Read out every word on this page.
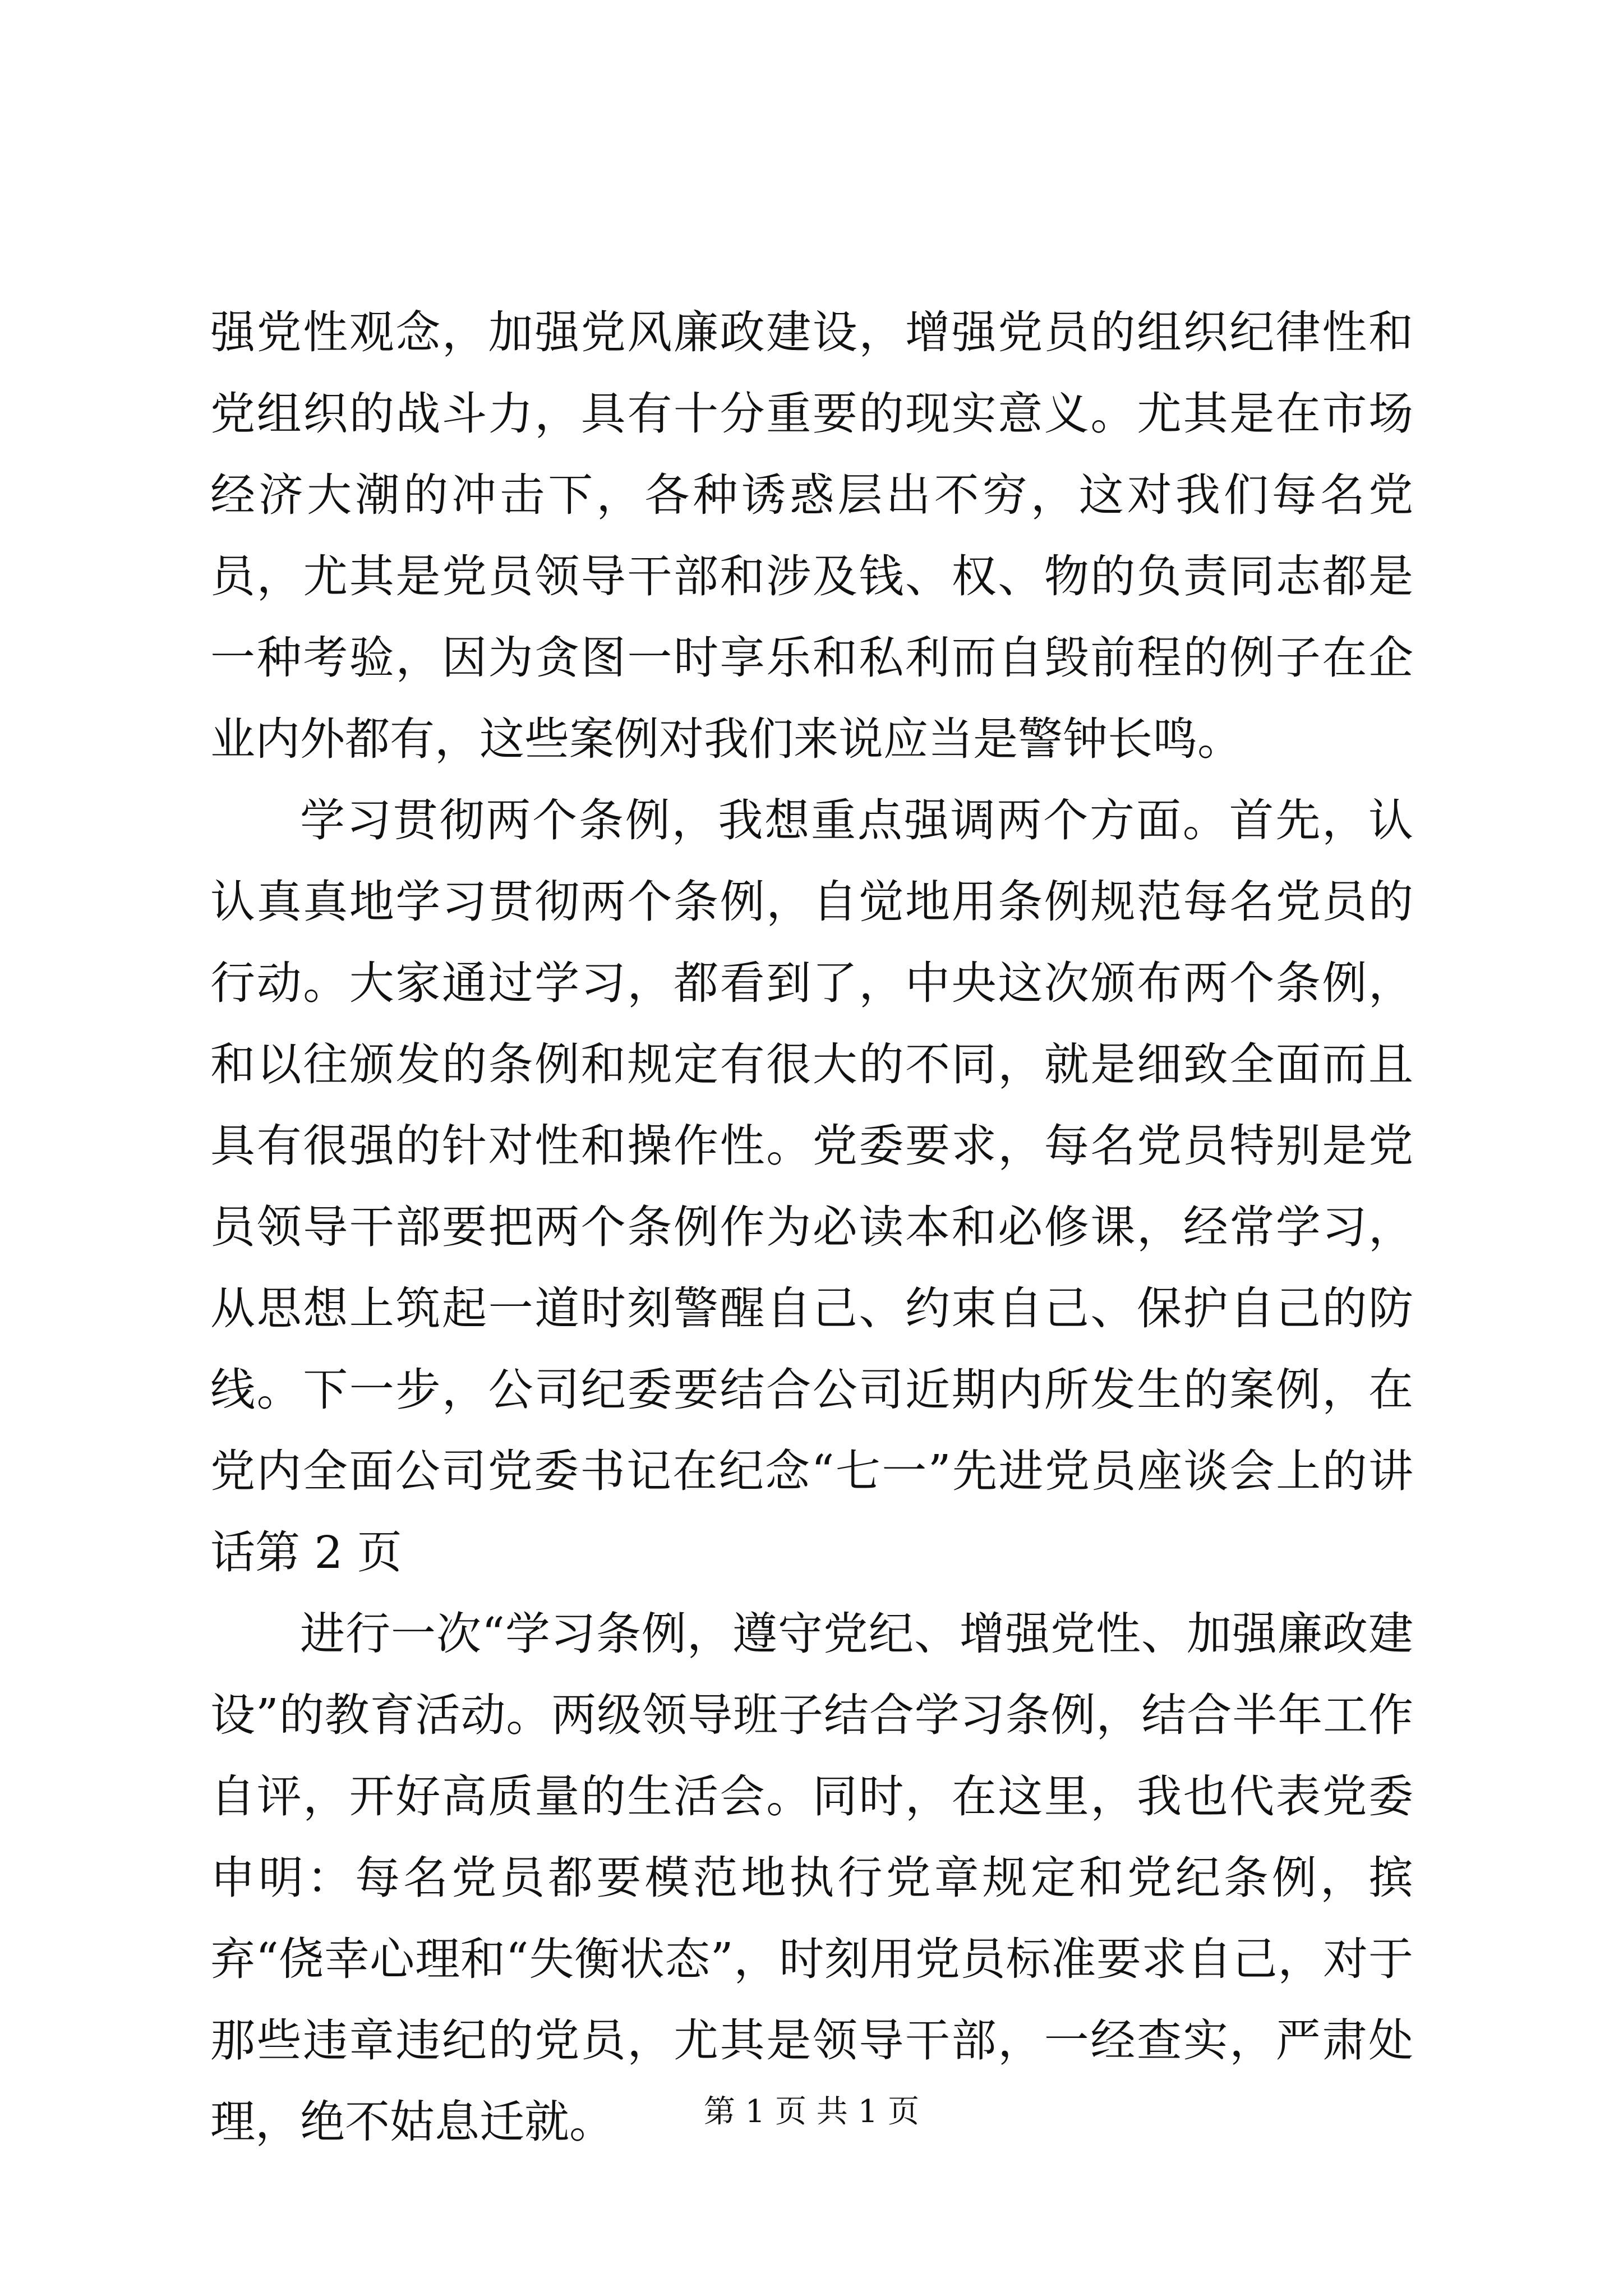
强党性观念，加强党风廉政建设，增强党员的组织纪律性和党组织的战斗力，具有十分重要的现实意义。尤其是在市场经济大潮的冲击下，各种诱惑层出不穷，这对我们每名党员，尤其是党员领导干部和涉及钱、权、物的负责同志都是一种考验，因为贪图一时享乐和私利而自毁前程的例子在企业内外都有，这些案例对我们来说应当是警钟长鸣。

学习贯彻两个条例，我想重点强调两个方面。首先，认认真真地学习贯彻两个条例，自觉地用条例规范每名党员的行动。大家通过学习，都看到了，中央这次颁布两个条例，和以往颁发的条例和规定有很大的不同，就是细致全面而且具有很强的针对性和操作性。党委要求，每名党员特别是党员领导干部要把两个条例作为必读本和必修课，经常学习，从思想上筑起一道时刻警醒自己、约束自己、保护自己的防线。下一步，公司纪委要结合公司近期内所发生的案例，在党内全面公司党委书记在纪念“七一”先进党员座谈会上的讲话第 2 页

进行一次“学习条例，遵守党纪、增强党性、加强廉政建设”的教育活动。两级领导班子结合学习条例，结合半年工作自评，开好高质量的生活会。同时，在这里，我也代表党委申明：每名党员都要模范地执行党章规定和党纪条例，摈弃“侥幸心理和“失衡状态”，时刻用党员标准要求自己，对于那些违章违纪的党员，尤其是领导干部，一经查实，严肃处理，绝不姑息迁就。	第 1 页 共 1 页
